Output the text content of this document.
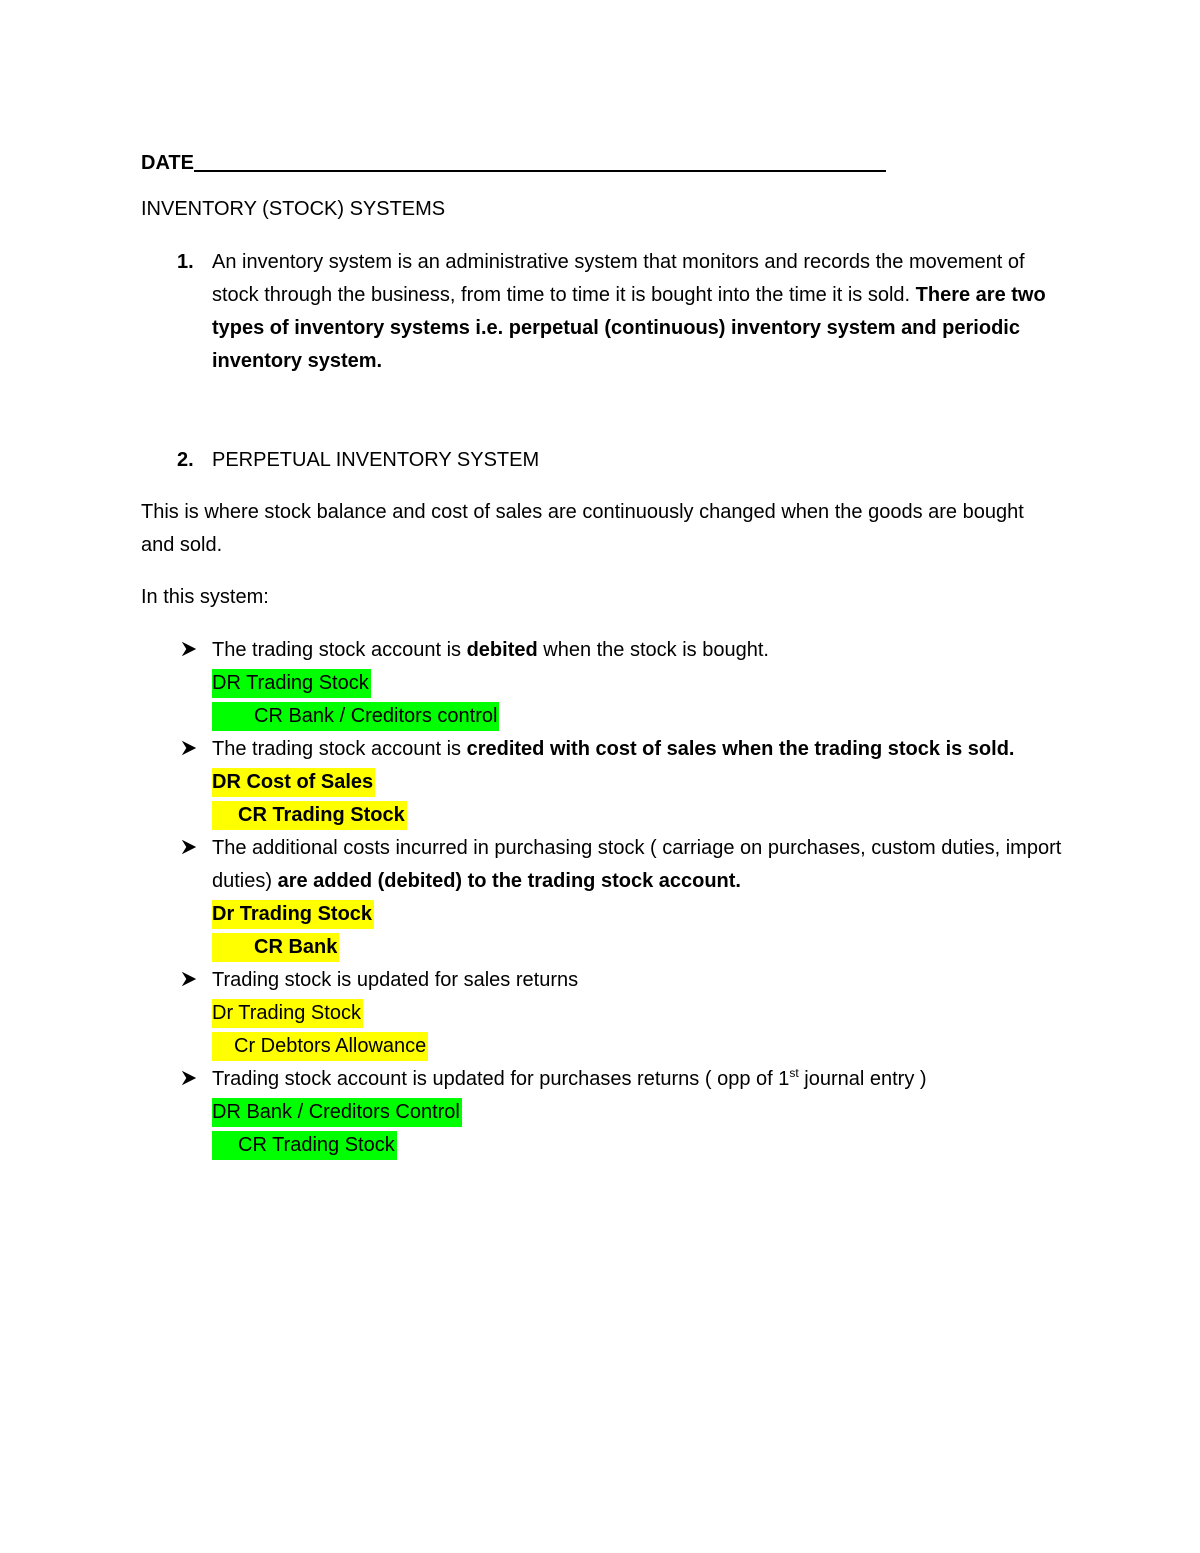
DATE
INVENTORY (STOCK) SYSTEMS
1. An inventory system is an administrative system that monitors and records the movement of stock through the business, from time to time it is bought into the time it is sold. There are two types of inventory systems i.e. perpetual (continuous) inventory system and periodic inventory system.
2. PERPETUAL INVENTORY SYSTEM
This is where stock balance and cost of sales are continuously changed when the goods are bought and sold.
In this system:
The trading stock account is debited when the stock is bought.
DR Trading Stock
CR Bank / Creditors control
The trading stock account is credited with cost of sales when the trading stock is sold.
DR Cost of Sales
CR Trading Stock
The additional costs incurred in purchasing stock ( carriage on purchases, custom duties, import duties) are added (debited) to the trading stock account.
Dr Trading Stock
CR Bank
Trading stock is updated for sales returns
Dr Trading Stock
Cr Debtors Allowance
Trading stock account is updated for purchases returns ( opp of 1st journal entry )
DR Bank / Creditors Control
CR Trading Stock
